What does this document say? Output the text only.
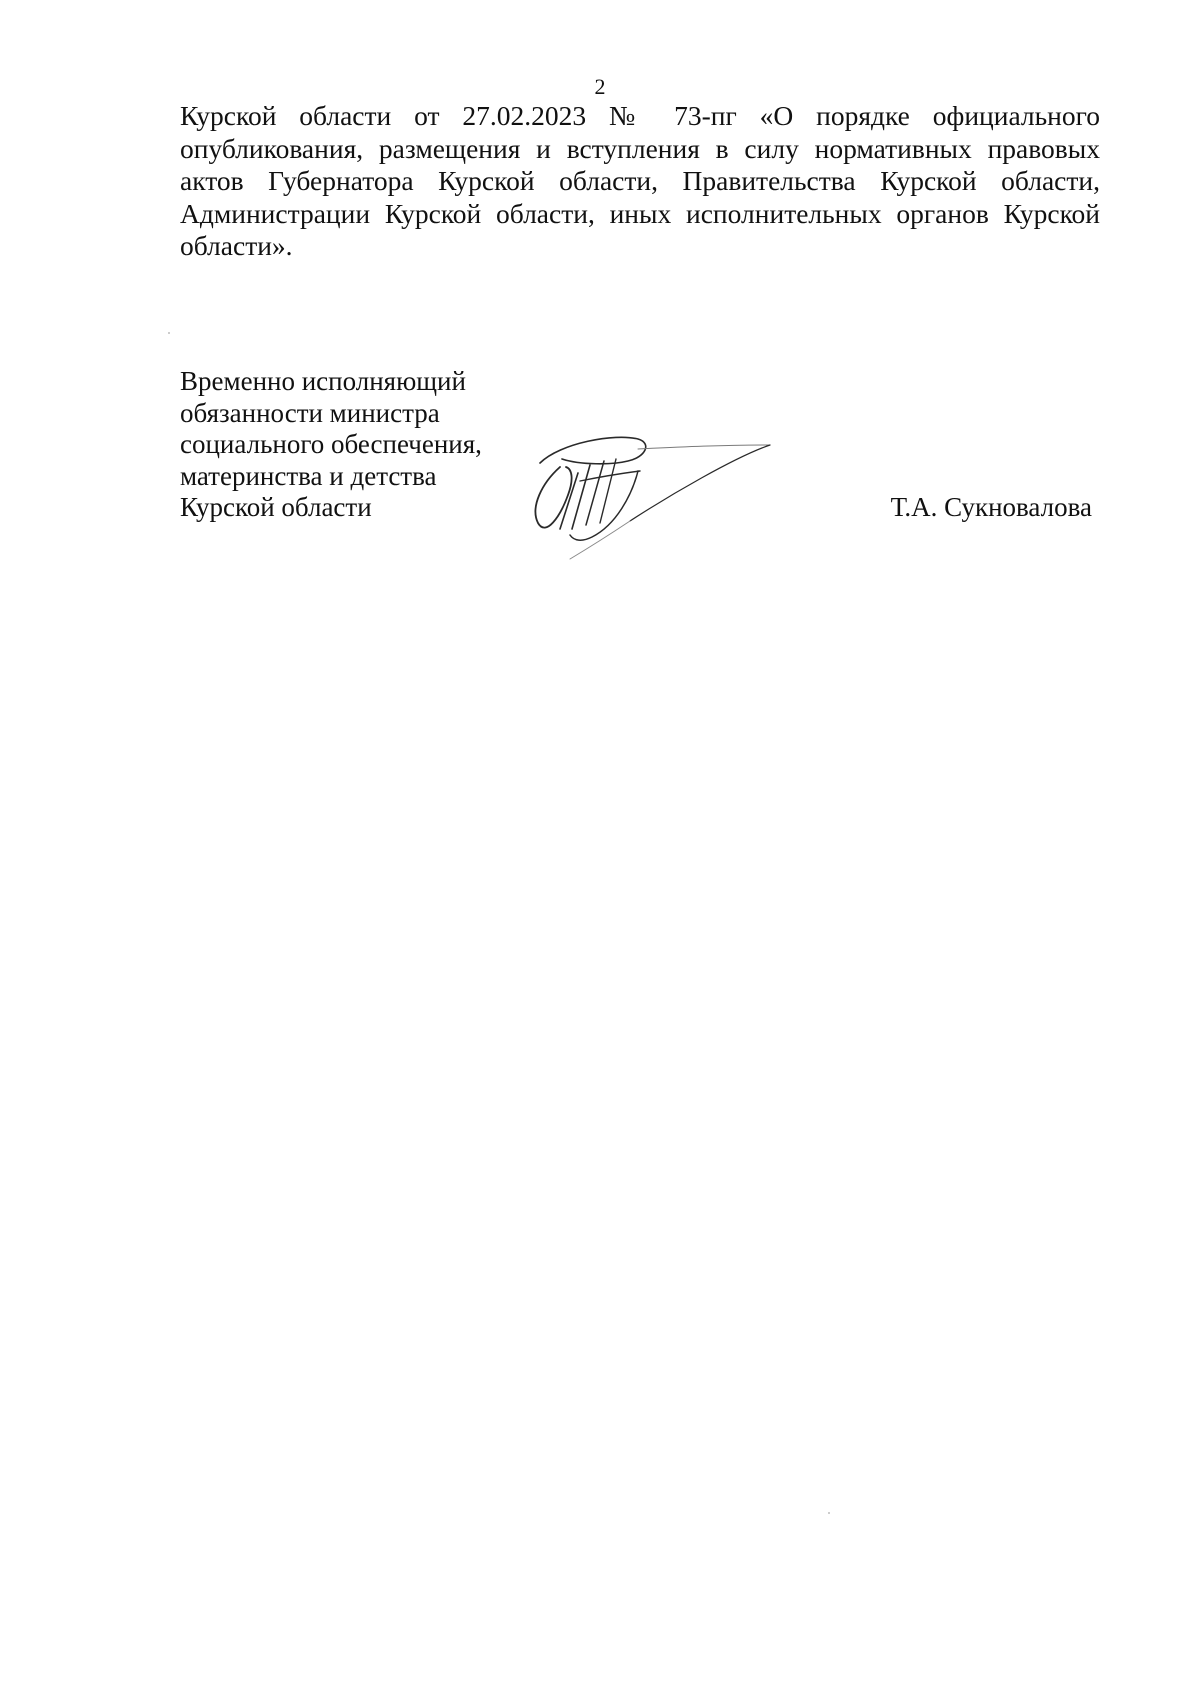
2
Курской области от 27.02.2023 № 73-пг «О порядке официального
опубликования, размещения и вступления в силу нормативных правовых
актов Губернатора Курской области, Правительства Курской области,
Администрации Курской области, иных исполнительных органов Курской
области».
Временно исполняющий
обязанности министра
социального обеспечения,
материнства и детства
Курской области	Т.А. Сукновалова
